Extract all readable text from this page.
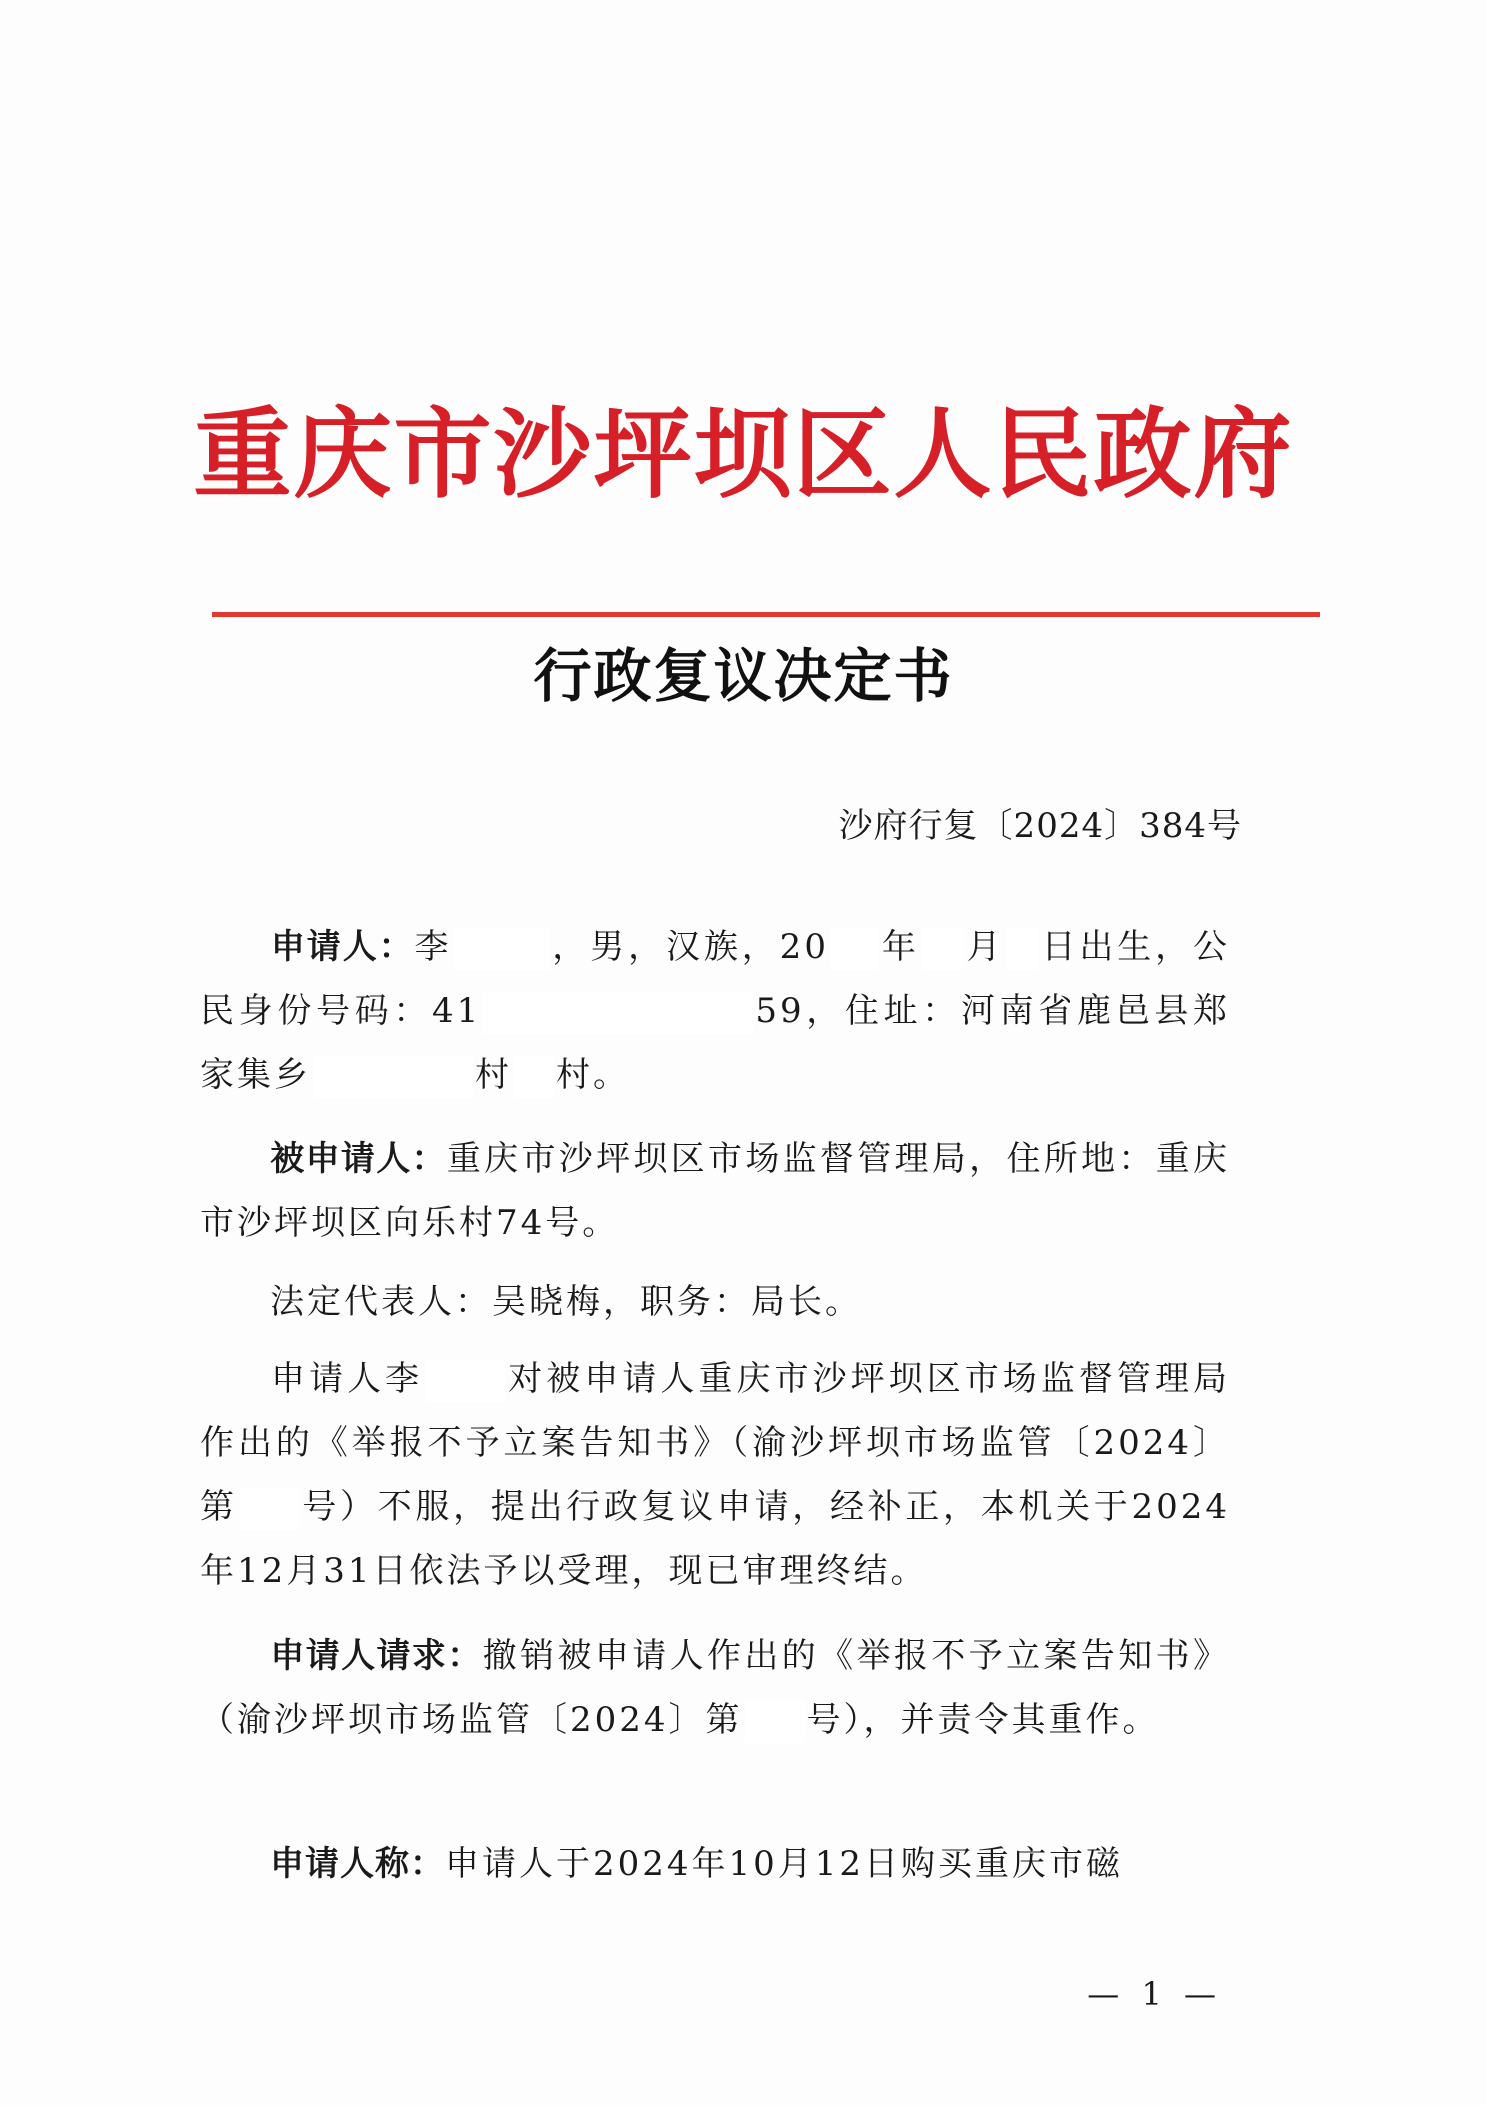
重庆市沙坪坝区人民政府
行政复议决定书
沙府行复〔2024〕384号
申请人：李	，男，汉族，20 年 月 日出生，公民身份号码：41	59，住址：河南省鹿邑县郑家集乡	村 村。
被申请人：重庆市沙坪坝区市场监督管理局，住所地：重庆市沙坪坝区向乐村74号。
法定代表人：吴晓梅，职务：局长。
申请人李 对被申请人重庆市沙坪坝区市场监督管理局作出的《举报不予立案告知书》（渝沙坪坝市场监管〔2024〕第 号）不服，提出行政复议申请，经补正，本机关于2024年12月31日依法予以受理，现已审理终结。
申请人请求：撤销被申请人作出的《举报不予立案告知书》（渝沙坪坝市场监管〔2024〕第 号），并责令其重作。
申请人称：申请人于2024年10月12日购买重庆市磁
— 1 —
